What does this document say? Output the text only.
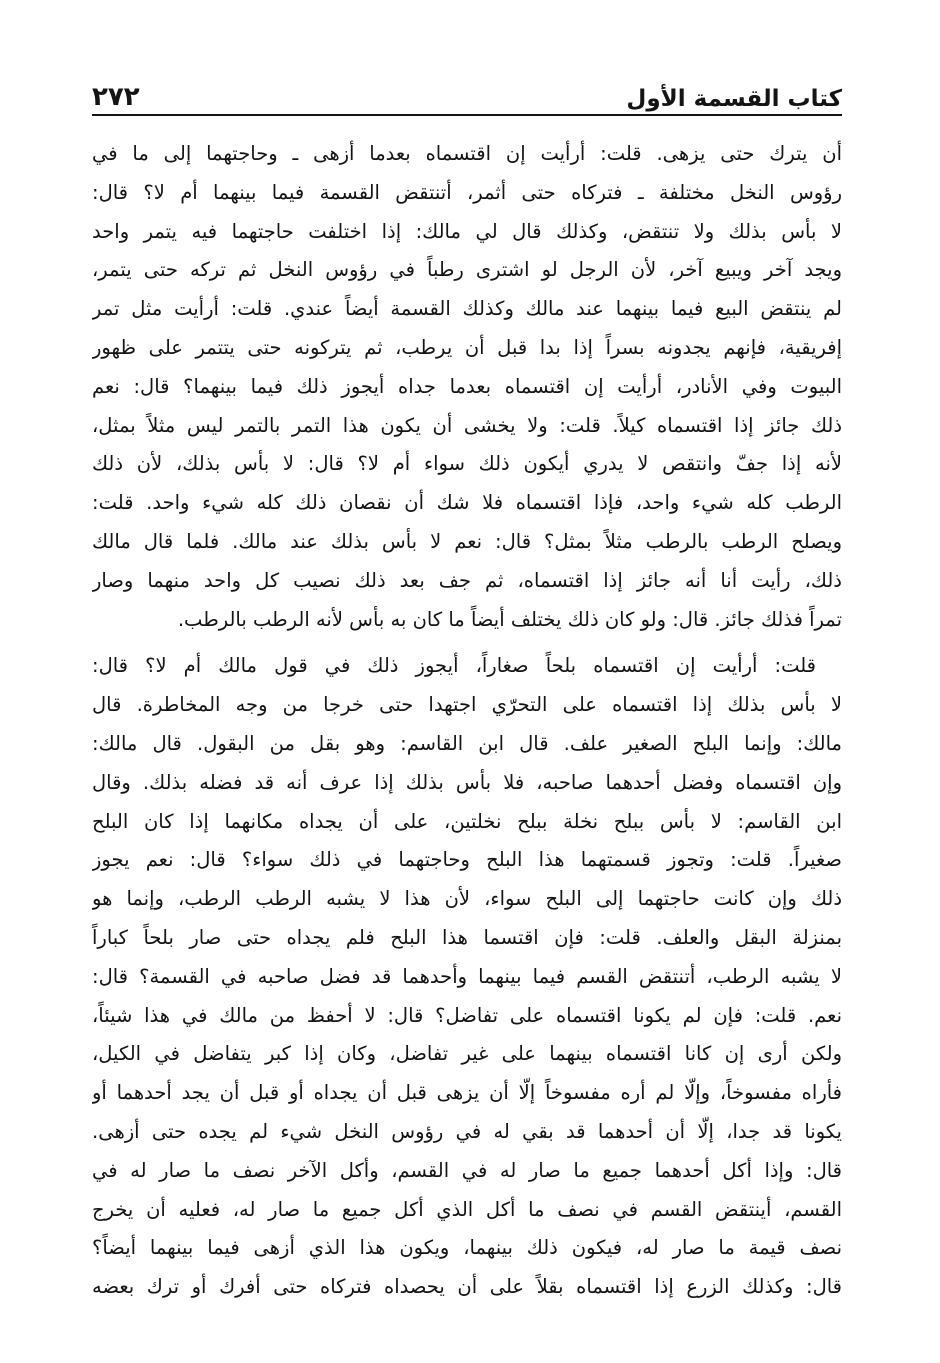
كتاب القسمة الأول
٢٧٢
أن يترك حتى يزهى. قلت: أرأيت إن اقتسماه بعدما أزهى ـ وحاجتهما إلى ما في
رؤوس النخل مختلفة ـ فتركاه حتى أثمر، أتنتقض القسمة فيما بينهما أم لا؟ قال:
لا بأس بذلك ولا تنتقض، وكذلك قال لي مالك: إذا اختلفت حاجتهما فيه يتمر واحد
ويجد آخر ويبيع آخر، لأن الرجل لو اشترى رطباً في رؤوس النخل ثم تركه حتى يتمر،
لم ينتقض البيع فيما بينهما عند مالك وكذلك القسمة أيضاً عندي. قلت: أرأيت مثل تمر
إفريقية، فإنهم يجدونه بسراً إذا بدا قبل أن يرطب، ثم يتركونه حتى يتتمر على ظهور
البيوت وفي الأنادر، أرأيت إن اقتسماه بعدما جداه أيجوز ذلك فيما بينهما؟ قال: نعم
ذلك جائز إذا اقتسماه كيلاً. قلت: ولا يخشى أن يكون هذا التمر بالتمر ليس مثلاً بمثل،
لأنه إذا جفّ وانتقص لا يدري أيكون ذلك سواء أم لا؟ قال: لا بأس بذلك، لأن ذلك
الرطب كله شيء واحد، فإذا اقتسماه فلا شك أن نقصان ذلك كله شيء واحد. قلت:
ويصلح الرطب بالرطب مثلاً بمثل؟ قال: نعم لا بأس بذلك عند مالك. فلما قال مالك
ذلك، رأيت أنا أنه جائز إذا اقتسماه، ثم جف بعد ذلك نصيب كل واحد منهما وصار
تمراً فذلك جائز. قال: ولو كان ذلك يختلف أيضاً ما كان به بأس لأنه الرطب بالرطب.
قلت: أرأيت إن اقتسماه بلحاً صغاراً، أيجوز ذلك في قول مالك أم لا؟ قال:
لا بأس بذلك إذا اقتسماه على التحرّي اجتهدا حتى خرجا من وجه المخاطرة. قال
مالك: وإنما البلح الصغير علف. قال ابن القاسم: وهو بقل من البقول. قال مالك:
وإن اقتسماه وفضل أحدهما صاحبه، فلا بأس بذلك إذا عرف أنه قد فضله بذلك. وقال
ابن القاسم: لا بأس ببلح نخلة ببلح نخلتين، على أن يجداه مكانهما إذا كان البلح
صغيراً. قلت: وتجوز قسمتهما هذا البلح وحاجتهما في ذلك سواء؟ قال: نعم يجوز
ذلك وإن كانت حاجتهما إلى البلح سواء، لأن هذا لا يشبه الرطب الرطب، وإنما هو
بمنزلة البقل والعلف. قلت: فإن اقتسما هذا البلح فلم يجداه حتى صار بلحاً كباراً
لا يشبه الرطب، أتنتقض القسم فيما بينهما وأحدهما قد فضل صاحبه في القسمة؟ قال:
نعم. قلت: فإن لم يكونا اقتسماه على تفاضل؟ قال: لا أحفظ من مالك في هذا شيئاً،
ولكن أرى إن كانا اقتسماه بينهما على غير تفاضل، وكان إذا كبر يتفاضل في الكيل،
فأراه مفسوخاً، وإلّا لم أره مفسوخاً إلّا أن يزهى قبل أن يجداه أو قبل أن يجد أحدهما أو
يكونا قد جدا، إلّا أن أحدهما قد بقي له في رؤوس النخل شيء لم يجده حتى أزهى.
قال: وإذا أكل أحدهما جميع ما صار له في القسم، وأكل الآخر نصف ما صار له في
القسم، أينتقض القسم في نصف ما أكل الذي أكل جميع ما صار له، فعليه أن يخرج
نصف قيمة ما صار له، فيكون ذلك بينهما، ويكون هذا الذي أزهى فيما بينهما أيضاً؟
قال: وكذلك الزرع إذا اقتسماه بقلاً على أن يحصداه فتركاه حتى أفرك أو ترك بعضه
